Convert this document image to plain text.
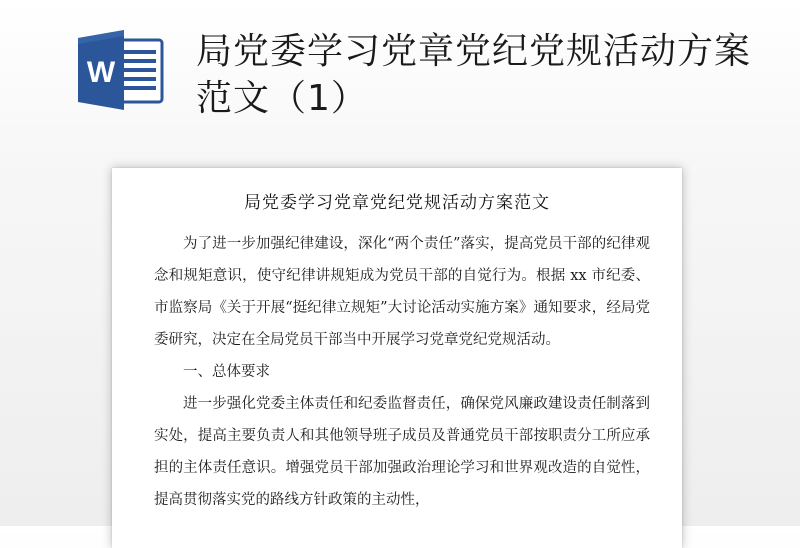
W
局党委学习党章党纪党规活动方案范文（1）
局党委学习党章党纪党规活动方案范文

为了进一步加强纪律建设，深化“两个责任”落实，提高党员干部的纪律观念和规矩意识，使守纪律讲规矩成为党员干部的自觉行为。根据 xx 市纪委、市监察局《关于开展“挺纪律立规矩”大讨论活动实施方案》通知要求，经局党委研究，决定在全局党员干部当中开展学习党章党纪党规活动。

一、总体要求

进一步强化党委主体责任和纪委监督责任，确保党风廉政建设责任制落到实处，提高主要负责人和其他领导班子成员及普通党员干部按职责分工所应承担的主体责任意识。增强党员干部加强政治理论学习和世界观改造的自觉性，提高贯彻落实党的路线方针政策的主动性，
